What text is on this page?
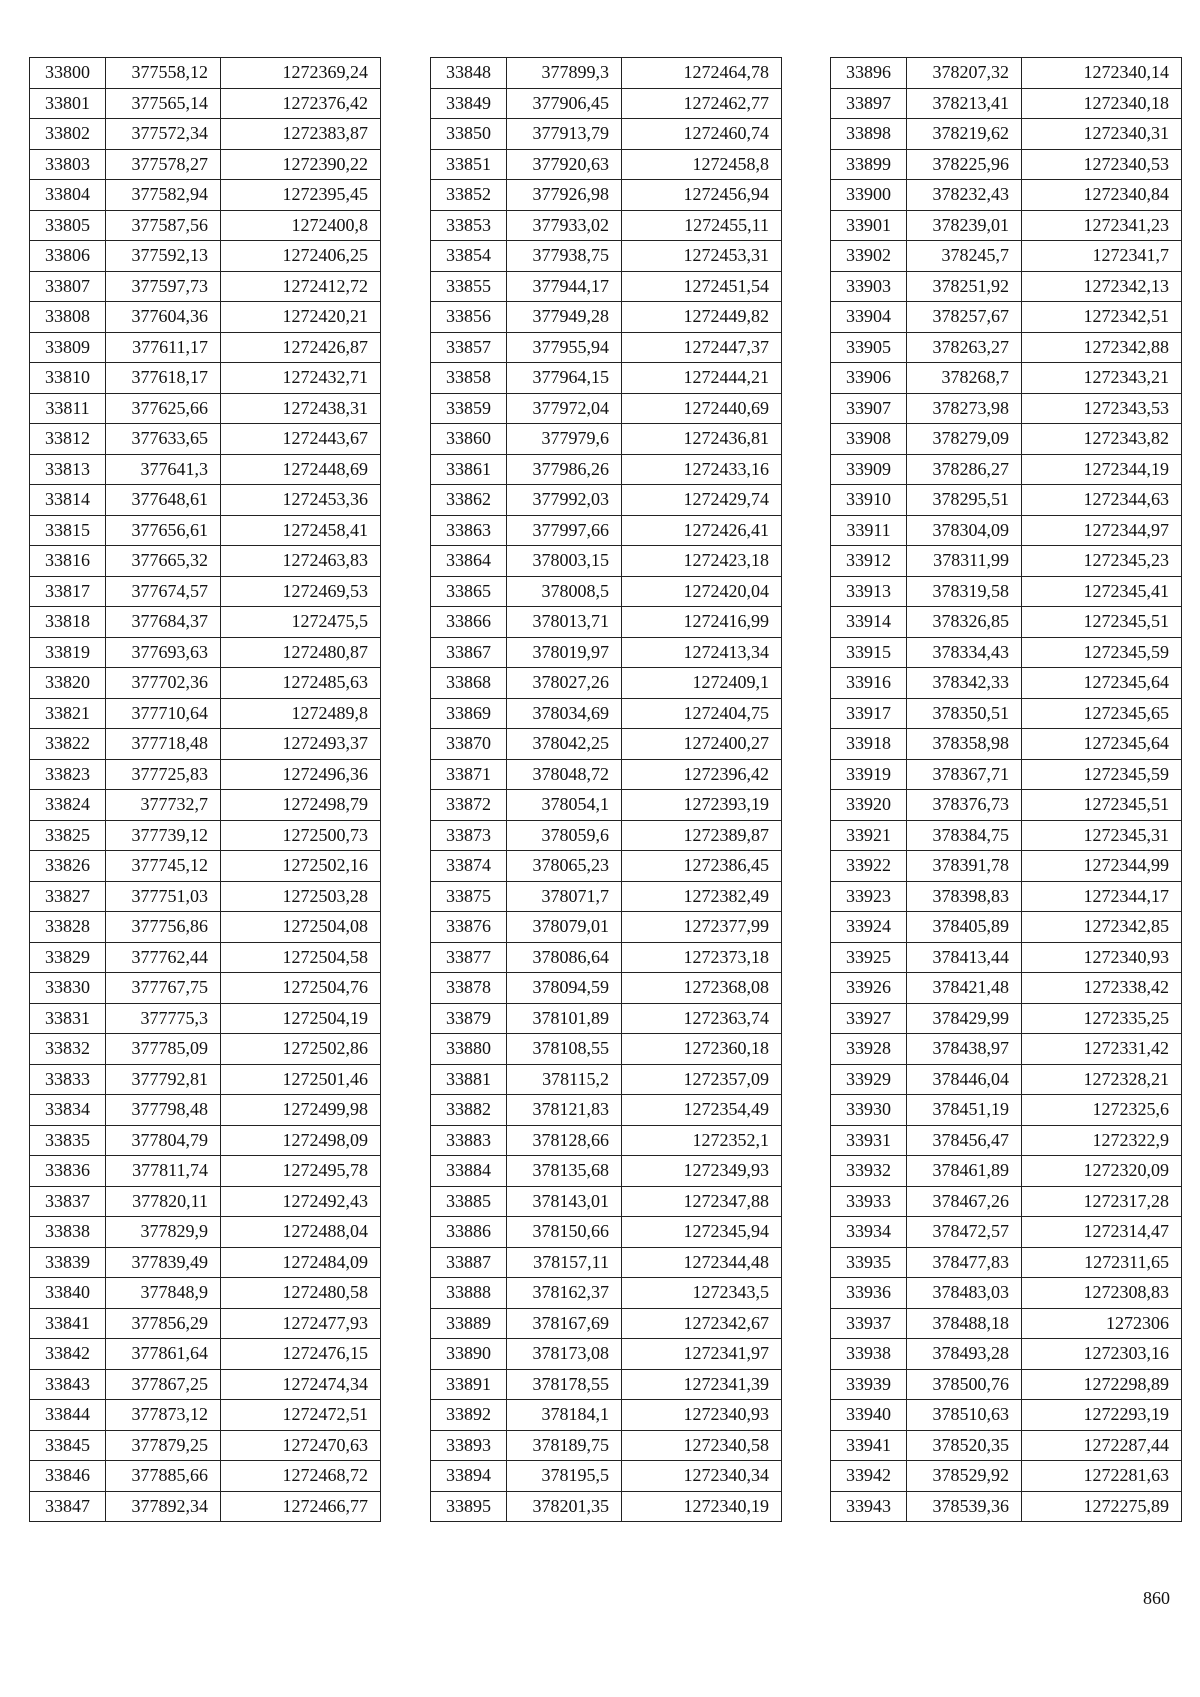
33800	377558,12	1272369,24
33801	377565,14	1272376,42
33802	377572,34	1272383,87
33803	377578,27	1272390,22
33804	377582,94	1272395,45
33805	377587,56	1272400,8
33806	377592,13	1272406,25
33807	377597,73	1272412,72
33808	377604,36	1272420,21
33809	377611,17	1272426,87
33810	377618,17	1272432,71
33811	377625,66	1272438,31
33812	377633,65	1272443,67
33813	377641,3	1272448,69
33814	377648,61	1272453,36
33815	377656,61	1272458,41
33816	377665,32	1272463,83
33817	377674,57	1272469,53
33818	377684,37	1272475,5
33819	377693,63	1272480,87
33820	377702,36	1272485,63
33821	377710,64	1272489,8
33822	377718,48	1272493,37
33823	377725,83	1272496,36
33824	377732,7	1272498,79
33825	377739,12	1272500,73
33826	377745,12	1272502,16
33827	377751,03	1272503,28
33828	377756,86	1272504,08
33829	377762,44	1272504,58
33830	377767,75	1272504,76
33831	377775,3	1272504,19
33832	377785,09	1272502,86
33833	377792,81	1272501,46
33834	377798,48	1272499,98
33835	377804,79	1272498,09
33836	377811,74	1272495,78
33837	377820,11	1272492,43
33838	377829,9	1272488,04
33839	377839,49	1272484,09
33840	377848,9	1272480,58
33841	377856,29	1272477,93
33842	377861,64	1272476,15
33843	377867,25	1272474,34
33844	377873,12	1272472,51
33845	377879,25	1272470,63
33846	377885,66	1272468,72
33847	377892,34	1272466,77
33848	377899,3	1272464,78
33849	377906,45	1272462,77
33850	377913,79	1272460,74
33851	377920,63	1272458,8
33852	377926,98	1272456,94
33853	377933,02	1272455,11
33854	377938,75	1272453,31
33855	377944,17	1272451,54
33856	377949,28	1272449,82
33857	377955,94	1272447,37
33858	377964,15	1272444,21
33859	377972,04	1272440,69
33860	377979,6	1272436,81
33861	377986,26	1272433,16
33862	377992,03	1272429,74
33863	377997,66	1272426,41
33864	378003,15	1272423,18
33865	378008,5	1272420,04
33866	378013,71	1272416,99
33867	378019,97	1272413,34
33868	378027,26	1272409,1
33869	378034,69	1272404,75
33870	378042,25	1272400,27
33871	378048,72	1272396,42
33872	378054,1	1272393,19
33873	378059,6	1272389,87
33874	378065,23	1272386,45
33875	378071,7	1272382,49
33876	378079,01	1272377,99
33877	378086,64	1272373,18
33878	378094,59	1272368,08
33879	378101,89	1272363,74
33880	378108,55	1272360,18
33881	378115,2	1272357,09
33882	378121,83	1272354,49
33883	378128,66	1272352,1
33884	378135,68	1272349,93
33885	378143,01	1272347,88
33886	378150,66	1272345,94
33887	378157,11	1272344,48
33888	378162,37	1272343,5
33889	378167,69	1272342,67
33890	378173,08	1272341,97
33891	378178,55	1272341,39
33892	378184,1	1272340,93
33893	378189,75	1272340,58
33894	378195,5	1272340,34
33895	378201,35	1272340,19
33896	378207,32	1272340,14
33897	378213,41	1272340,18
33898	378219,62	1272340,31
33899	378225,96	1272340,53
33900	378232,43	1272340,84
33901	378239,01	1272341,23
33902	378245,7	1272341,7
33903	378251,92	1272342,13
33904	378257,67	1272342,51
33905	378263,27	1272342,88
33906	378268,7	1272343,21
33907	378273,98	1272343,53
33908	378279,09	1272343,82
33909	378286,27	1272344,19
33910	378295,51	1272344,63
33911	378304,09	1272344,97
33912	378311,99	1272345,23
33913	378319,58	1272345,41
33914	378326,85	1272345,51
33915	378334,43	1272345,59
33916	378342,33	1272345,64
33917	378350,51	1272345,65
33918	378358,98	1272345,64
33919	378367,71	1272345,59
33920	378376,73	1272345,51
33921	378384,75	1272345,31
33922	378391,78	1272344,99
33923	378398,83	1272344,17
33924	378405,89	1272342,85
33925	378413,44	1272340,93
33926	378421,48	1272338,42
33927	378429,99	1272335,25
33928	378438,97	1272331,42
33929	378446,04	1272328,21
33930	378451,19	1272325,6
33931	378456,47	1272322,9
33932	378461,89	1272320,09
33933	378467,26	1272317,28
33934	378472,57	1272314,47
33935	378477,83	1272311,65
33936	378483,03	1272308,83
33937	378488,18	1272306
33938	378493,28	1272303,16
33939	378500,76	1272298,89
33940	378510,63	1272293,19
33941	378520,35	1272287,44
33942	378529,92	1272281,63
33943	378539,36	1272275,89
860
